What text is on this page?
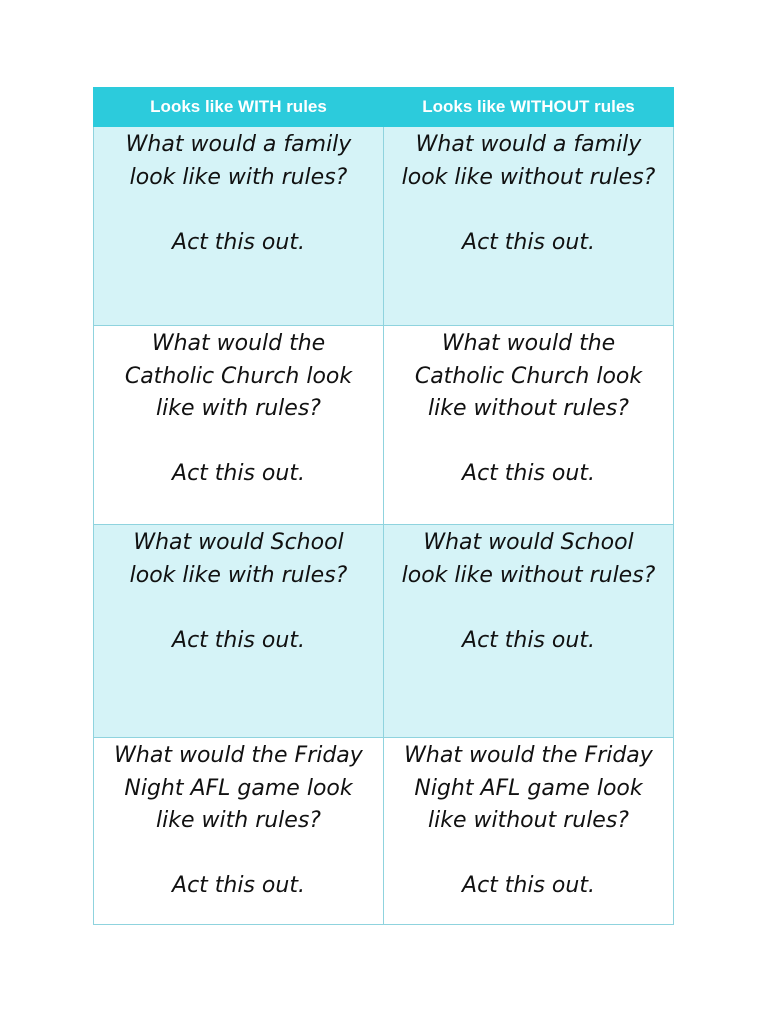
Looks like WITH rules	Looks like WITHOUT rules

What would a family
look like with rules?
Act this out.	What would a family
look like without rules?
Act this out.

What would the
Catholic Church look
like with rules?
Act this out.	What would the
Catholic Church look
like without rules?
Act this out.

What would School
look like with rules?
Act this out.	What would School
look like without rules?
Act this out.

What would the Friday
Night AFL game look
like with rules?
Act this out.	What would the Friday
Night AFL game look
like without rules?
Act this out.
